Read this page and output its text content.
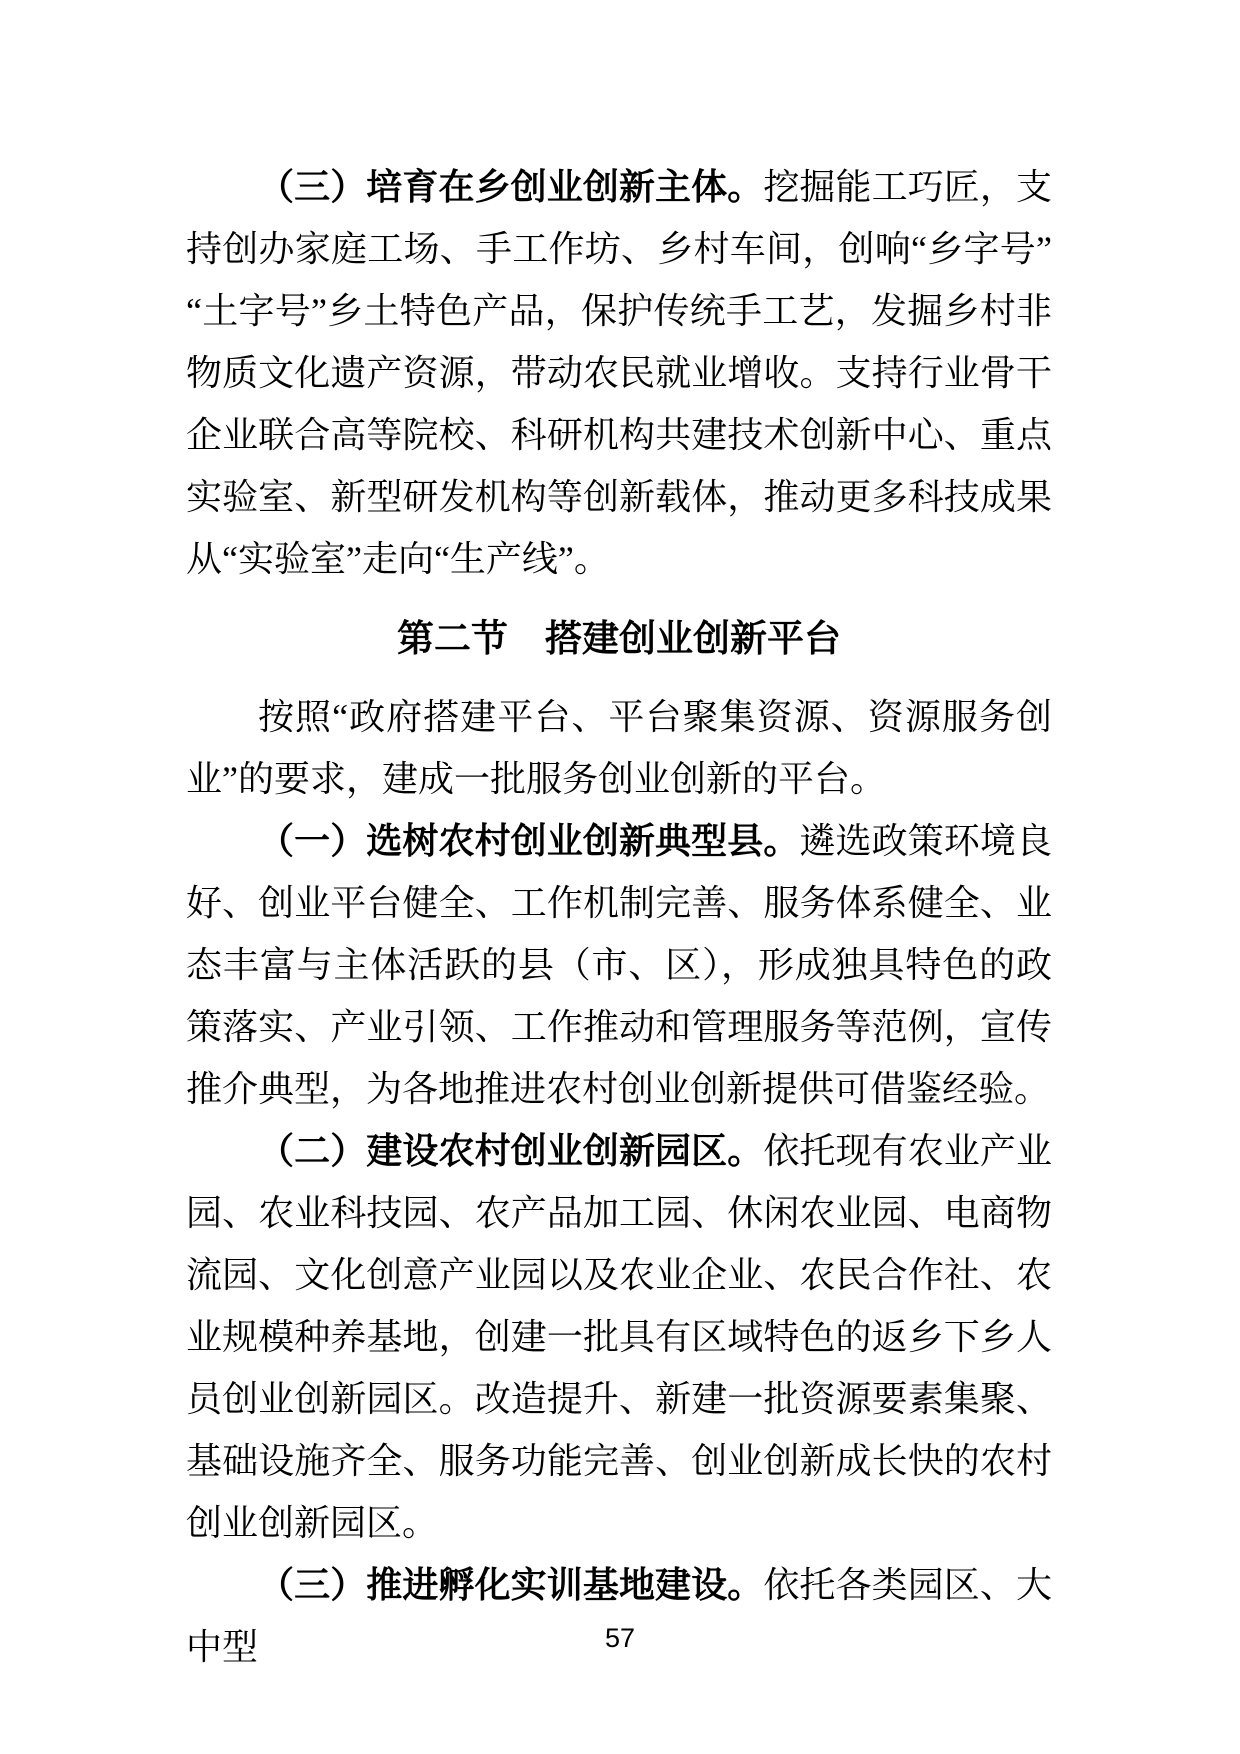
（三）培育在乡创业创新主体。挖掘能工巧匠，支持创办家庭工场、手工作坊、乡村车间，创响“乡字号”“土字号”乡土特色产品，保护传统手工艺，发掘乡村非物质文化遗产资源，带动农民就业增收。支持行业骨干企业联合高等院校、科研机构共建技术创新中心、重点实验室、新型研发机构等创新载体，推动更多科技成果从“实验室”走向“生产线”。

第二节　搭建创业创新平台

按照“政府搭建平台、平台聚集资源、资源服务创业”的要求，建成一批服务创业创新的平台。

（一）选树农村创业创新典型县。遴选政策环境良好、创业平台健全、工作机制完善、服务体系健全、业态丰富与主体活跃的县（市、区），形成独具特色的政策落实、产业引领、工作推动和管理服务等范例，宣传推介典型，为各地推进农村创业创新提供可借鉴经验。

（二）建设农村创业创新园区。依托现有农业产业园、农业科技园、农产品加工园、休闲农业园、电商物流园、文化创意产业园以及农业企业、农民合作社、农业规模种养基地，创建一批具有区域特色的返乡下乡人员创业创新园区。改造提升、新建一批资源要素集聚、基础设施齐全、服务功能完善、创业创新成长快的农村创业创新园区。

（三）推进孵化实训基地建设。依托各类园区、大中型	57
